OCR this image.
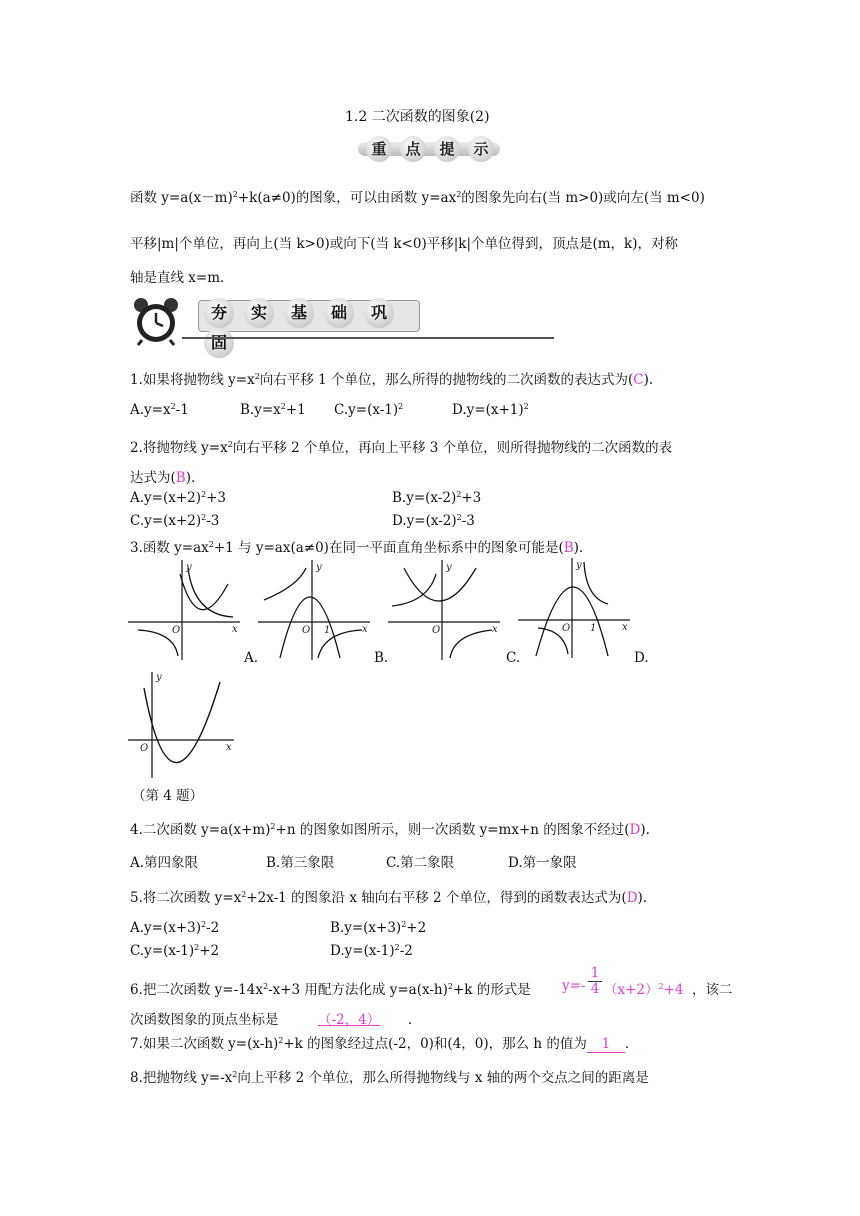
1.2 二次函数的图象(2)
重	点	提	示
函数 $y=a(x-m)^2+k(a\ne 0)$的图象，可以由函数 $y=ax^2$的图象先向右(当 m>0)或向左(当 m<0)
平移|m|个单位，再向上(当 k>0)或向下(当 k<0)平移|k|个单位得到，顶点是(m，k)，对称
轴是直线 x=m．
夯 实 基 础 巩固
1.如果将抛物线 $y=x^2$向右平移 1 个单位，那么所得的抛物线的二次函数的表达式为(C).
$A.y=x^2-1$	$B.y=x^2+1$ $C.y=(x-1)^2$	$D.y=(x+1)^2$
2.将抛物线 $y=x^2$向右平移 2 个单位，再向上平移 3 个单位，则所得抛物线的二次函数的表
达式为(B).
$A.y=(x+2)^2+3$	$B.y=(x-2)^2+3$
$C.y=(x+2)^2-3$	$D.y=(x-2)^2-3$
3.函数 $y=ax^2+1$ 与 y=ax(a≠0)在同一平面直角坐标系中的图象可能是(B).
y
x
O
A.
y
x
O 1
B.
y
x
O
C.
y
x
O 1
D.
y
x
O
（第 4 题）
4.二次函数 $y=a(x+m)^2+n$ 的图象如图所示，则一次函数 y=mx+n 的图象不经过(D).
A.第四象限	B.第三象限	C.第二象限	D.第一象限
5.将二次函数 $y=x^2+2x-1$ 的图象沿 x 轴向右平移 2 个单位，得到的函数表达式为(D).
$A.y=(x+3)^2-2$	$B.y=(x+3)^2+2$
$C.y=(x-1)^2+2$	$D.y=(x-1)^2-2$
6.把二次函数 $y=-14x^2-x+3$ 用配方法化成 $y=a(x-h)^2+k$ 的形式是 $y=- \frac{1}{4} (x+2)^2+4$ ，该二
次函数图象的顶点坐标是	（-2，4） ．
7.如果二次函数 $y=(x-h)^2+k$ 的图象经过点(-2，0)和(4，0)，那么 h 的值为 1 ．
8.把抛物线 $y=-x^2$向上平移 2 个单位，那么所得抛物线与 x 轴的两个交点之间的距离是
